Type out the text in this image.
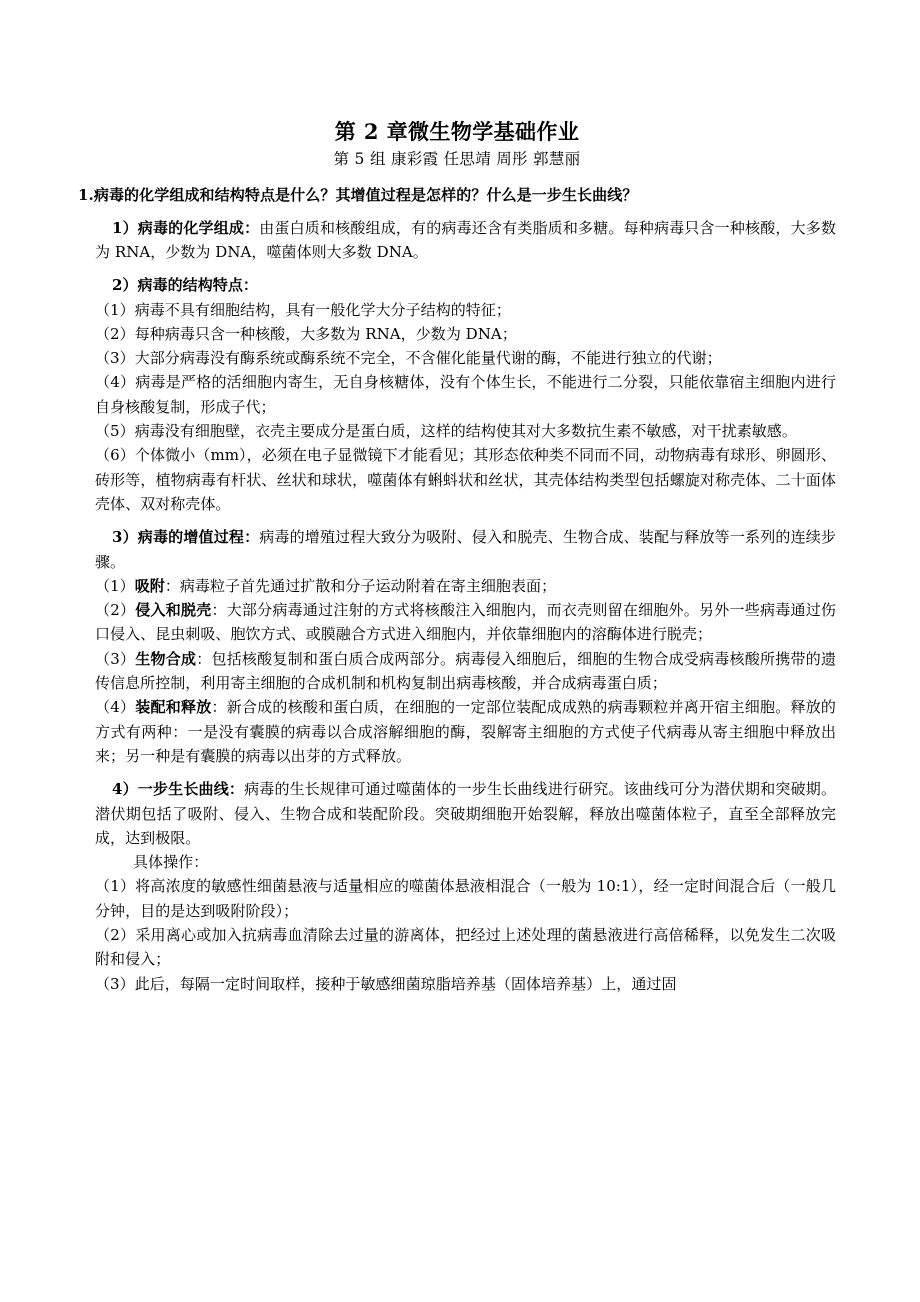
第 2 章微生物学基础作业
第 5 组 康彩霞 任思靖 周彤 郭慧丽
1.病毒的化学组成和结构特点是什么？其增值过程是怎样的？什么是一步生长曲线？
1）病毒的化学组成：由蛋白质和核酸组成，有的病毒还含有类脂质和多糖。每种病毒只含一种核酸，大多数为 RNA，少数为 DNA，噬菌体则大多数 DNA。
2）病毒的结构特点：
（1）病毒不具有细胞结构，具有一般化学大分子结构的特征；
（2）每种病毒只含一种核酸，大多数为 RNA，少数为 DNA；
（3）大部分病毒没有酶系统或酶系统不完全，不含催化能量代谢的酶，不能进行独立的代谢；
（4）病毒是严格的活细胞内寄生，无自身核糖体，没有个体生长，不能进行二分裂，只能依靠宿主细胞内进行自身核酸复制，形成子代；
（5）病毒没有细胞壁，衣壳主要成分是蛋白质，这样的结构使其对大多数抗生素不敏感，对干扰素敏感。
（6）个体微小（mm），必须在电子显微镜下才能看见；其形态依种类不同而不同，动物病毒有球形、卵圆形、砖形等，植物病毒有杆状、丝状和球状，噬菌体有蝌蚪状和丝状，其壳体结构类型包括螺旋对称壳体、二十面体壳体、双对称壳体。
3）病毒的增值过程：病毒的增殖过程大致分为吸附、侵入和脱壳、生物合成、装配与释放等一系列的连续步骤。
（1）吸附：病毒粒子首先通过扩散和分子运动附着在寄主细胞表面；
（2）侵入和脱壳：大部分病毒通过注射的方式将核酸注入细胞内，而衣壳则留在细胞外。另外一些病毒通过伤口侵入、昆虫刺吸、胞饮方式、或膜融合方式进入细胞内，并依靠细胞内的溶酶体进行脱壳；
（3）生物合成：包括核酸复制和蛋白质合成两部分。病毒侵入细胞后，细胞的生物合成受病毒核酸所携带的遗传信息所控制，利用寄主细胞的合成机制和机构复制出病毒核酸，并合成病毒蛋白质；
（4）装配和释放：新合成的核酸和蛋白质，在细胞的一定部位装配成成熟的病毒颗粒并离开宿主细胞。释放的方式有两种：一是没有囊膜的病毒以合成溶解细胞的酶，裂解寄主细胞的方式使子代病毒从寄主细胞中释放出来；另一种是有囊膜的病毒以出芽的方式释放。
4）一步生长曲线：病毒的生长规律可通过噬菌体的一步生长曲线进行研究。该曲线可分为潜伏期和突破期。潜伏期包括了吸附、侵入、生物合成和装配阶段。突破期细胞开始裂解，释放出噬菌体粒子，直至全部释放完成，达到极限。
具体操作：
（1）将高浓度的敏感性细菌悬液与适量相应的噬菌体悬液相混合（一般为 10:1），经一定时间混合后（一般几分钟，目的是达到吸附阶段）；
（2）采用离心或加入抗病毒血清除去过量的游离体，把经过上述处理的菌悬液进行高倍稀释，以免发生二次吸附和侵入；
（3）此后，每隔一定时间取样，接种于敏感细菌琼脂培养基（固体培养基）上，通过固
